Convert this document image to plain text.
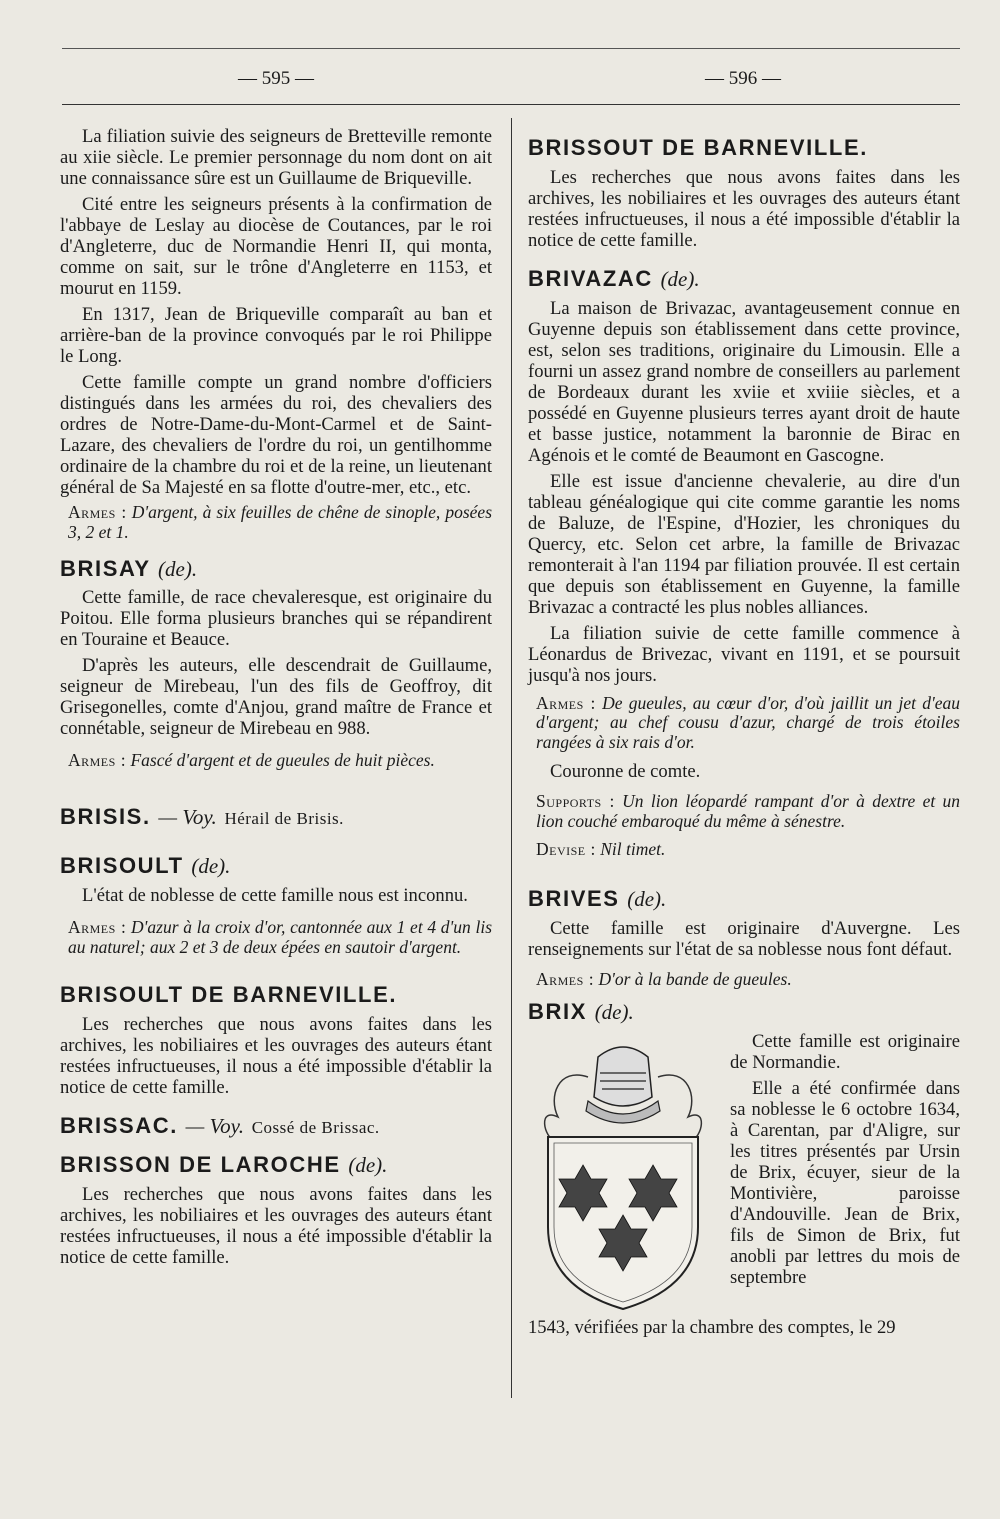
— 595 —	— 596 —

La filiation suivie des seigneurs de Bretteville remonte au xiie siècle. Le premier personnage du nom dont on ait une connaissance sûre est un Guillaume de Briqueville.

Cité entre les seigneurs présents à la confirmation de l'abbaye de Leslay au diocèse de Coutances, par le roi d'Angleterre, duc de Normandie Henri II, qui monta, comme on sait, sur le trône d'Angleterre en 1153, et mourut en 1159.

En 1317, Jean de Briqueville comparaît au ban et arrière-ban de la province convoqués par le roi Philippe le Long.

Cette famille compte un grand nombre d'officiers distingués dans les armées du roi, des chevaliers des ordres de Notre-Dame-du-Mont-Carmel et de Saint-Lazare, des chevaliers de l'ordre du roi, un gentilhomme ordinaire de la chambre du roi et de la reine, un lieutenant général de Sa Majesté en sa flotte d'outre-mer, etc., etc.

Armes : D'argent, à six feuilles de chêne de sinople, posées 3, 2 et 1.

BRISAY (de).

Cette famille, de race chevaleresque, est originaire du Poitou. Elle forma plusieurs branches qui se répandirent en Touraine et Beauce.

D'après les auteurs, elle descendrait de Guillaume, seigneur de Mirebeau, l'un des fils de Geoffroy, dit Grisegonelles, comte d'Anjou, grand maître de France et connétable, seigneur de Mirebeau en 988.

Armes : Fascé d'argent et de gueules de huit pièces.

BRISIS. — Voy. Hérail de Brisis.
BRISOULT (de).

L'état de noblesse de cette famille nous est inconnu.

Armes : D'azur à la croix d'or, cantonnée aux 1 et 4 d'un lis au naturel; aux 2 et 3 de deux épées en sautoir d'argent.

BRISOULT DE BARNEVILLE.

Les recherches que nous avons faites dans les archives, les nobiliaires et les ouvrages des auteurs étant restées infructueuses, il nous a été impossible d'établir la notice de cette famille.

BRISSAC. — Voy. Cossé de Brissac.
BRISSON DE LAROCHE (de).

Les recherches que nous avons faites dans les archives, les nobiliaires et les ouvrages des auteurs étant restées infructueuses, il nous a été impossible d'établir la notice de cette famille.

BRISSOUT DE BARNEVILLE.

Les recherches que nous avons faites dans les archives, les nobiliaires et les ouvrages des auteurs étant restées infructueuses, il nous a été impossible d'établir la notice de cette famille.

BRIVAZAC (de).

La maison de Brivazac, avantageusement connue en Guyenne depuis son établissement dans cette province, est, selon ses traditions, originaire du Limousin. Elle a fourni un assez grand nombre de conseillers au parlement de Bordeaux durant les xviie et xviiie siècles, et a possédé en Guyenne plusieurs terres ayant droit de haute et basse justice, notamment la baronnie de Birac en Agénois et le comté de Beaumont en Gascogne.

Elle est issue d'ancienne chevalerie, au dire d'un tableau généalogique qui cite comme garantie les noms de Baluze, de l'Espine, d'Hozier, les chroniques du Quercy, etc. Selon cet arbre, la famille de Brivazac remonterait à l'an 1194 par filiation prouvée. Il est certain que depuis son établissement en Guyenne, la famille Brivazac a contracté les plus nobles alliances.

La filiation suivie de cette famille commence à Léonardus de Brivezac, vivant en 1191, et se poursuit jusqu'à nos jours.

Armes : De gueules, au cœur d'or, d'où jaillit un jet d'eau d'argent; au chef cousu d'azur, chargé de trois étoiles rangées à six rais d'or.

Couronne de comte.

Supports : Un lion léopardé rampant d'or à dextre et un lion couché embaroqué du même à sénestre.

Devise : Nil timet.

BRIVES (de).

Cette famille est originaire d'Auvergne. Les renseignements sur l'état de sa noblesse nous font défaut.

Armes : D'or à la bande de gueules.

BRIX (de).

Cette famille est originaire de Normandie.

Elle a été confirmée dans sa noblesse le 6 octobre 1634, à Carentan, par d'Aligre, sur les titres présentés par Ursin de Brix, écuyer, sieur de la Montivière, paroisse d'Andouville. Jean de Brix, fils de Simon de Brix, fut anobli par lettres du mois de septembre

1543, vérifiées par la chambre des comptes, le 29
